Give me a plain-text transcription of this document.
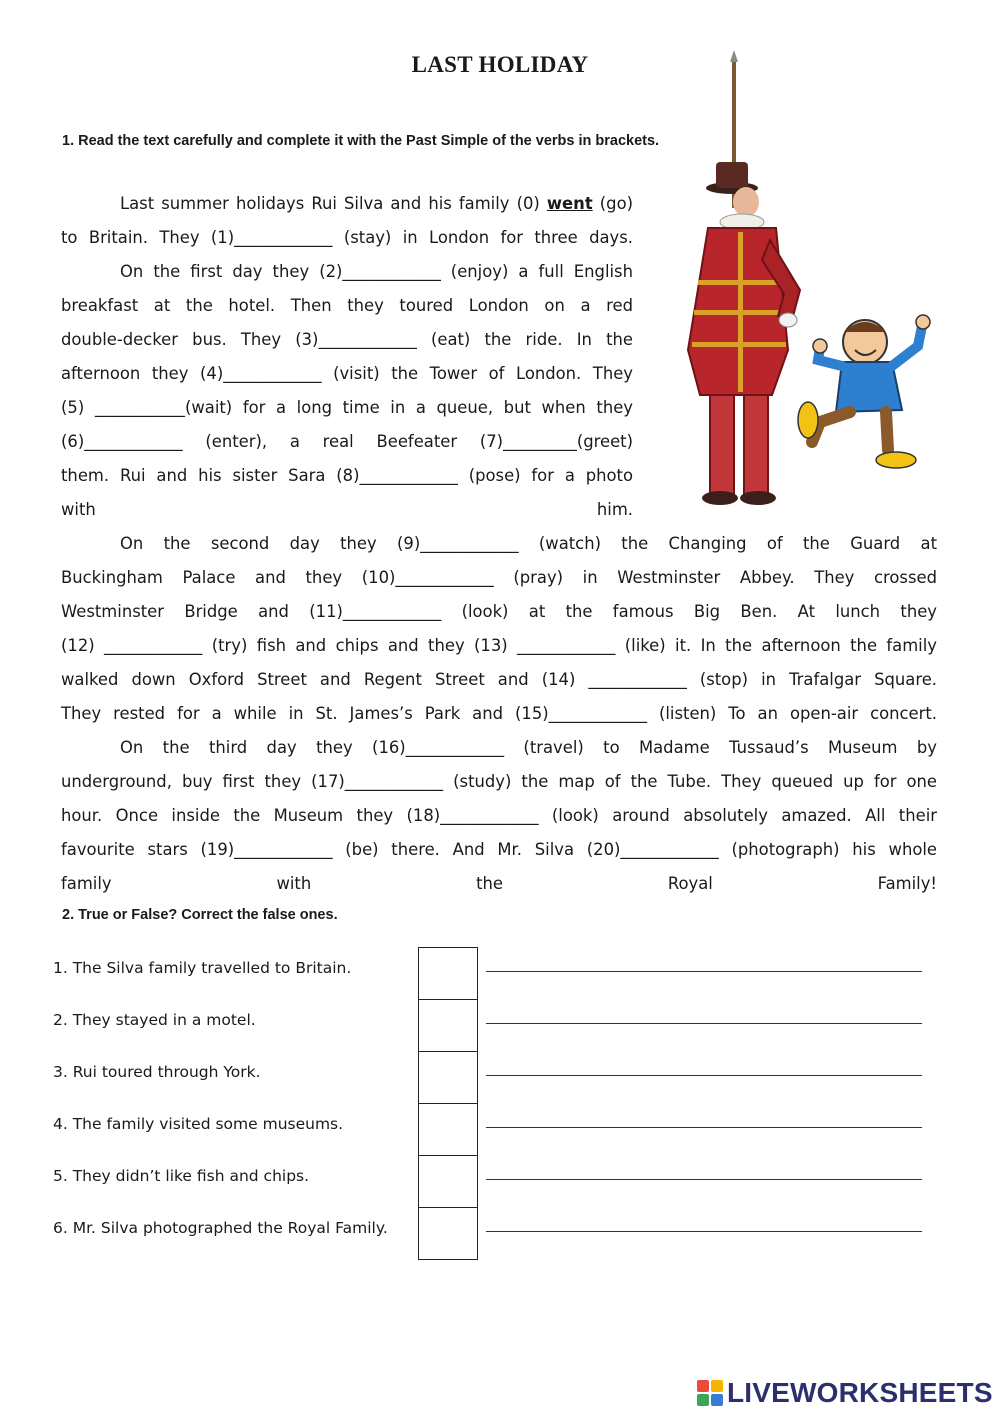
LAST HOLIDAY
1. Read the text carefully and complete it with the Past Simple of the verbs in brackets.
Last summer holidays Rui Silva and his family (0) went (go)
to Britain. They (1)____________ (stay) in London for three days.
On the first day they (2)____________ (enjoy) a full English
breakfast at the hotel. Then they toured London on a red
double-decker bus. They (3)____________ (eat) the ride. In the
afternoon they (4)____________ (visit) the Tower of London. They
(5) ___________(wait) for a long time in a queue, but when they
(6)____________ (enter), a real Beefeater (7)_________(greet)
them. Rui and his sister Sara (8)____________ (pose) for a photo
with him.
On the second day they (9)____________ (watch) the Changing of the Guard at
Buckingham Palace and they (10)____________ (pray) in Westminster Abbey. They crossed
Westminster Bridge and (11)____________ (look) at the famous Big Ben. At lunch they
(12) ____________ (try) fish and chips and they (13) ____________ (like) it. In the afternoon the family
walked down Oxford Street and Regent Street and (14) ____________ (stop) in Trafalgar Square.
They rested for a while in St. James’s Park and (15)____________ (listen) To an open-air concert.
On the third day they (16)____________ (travel) to Madame Tussaud’s Museum by
underground, buy first they (17)____________ (study) the map of the Tube. They queued up for one
hour. Once inside the Museum they (18)____________ (look) around absolutely amazed. All their
favourite stars (19)____________ (be) there. And Mr. Silva (20)____________ (photograph) his whole
family with the Royal Family!
2. True or False? Correct the false ones.
1. The Silva family travelled to Britain.
2. They stayed in a motel.
3. Rui toured through York.
4. The family visited some museums.
5. They didn’t like fish and chips.
6. Mr. Silva photographed the Royal Family.
LIVEWORKSHEETS
